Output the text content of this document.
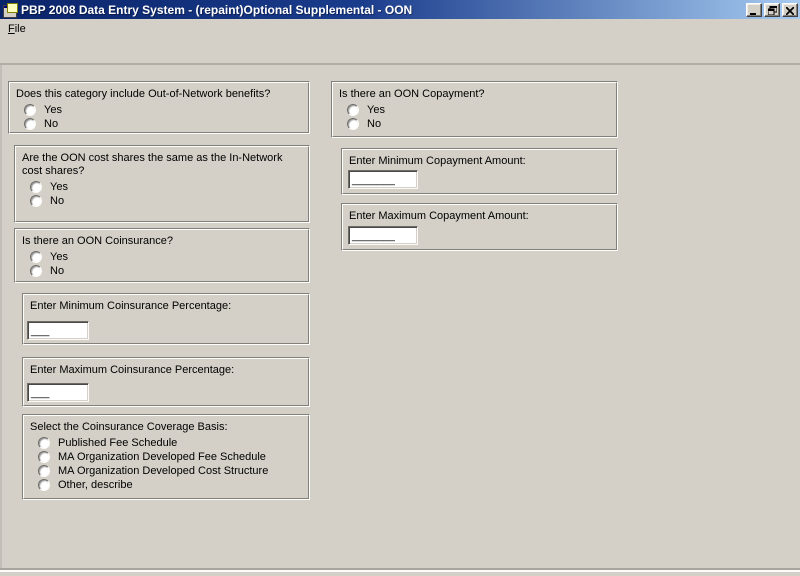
PBP 2008 Data Entry System - (repaint)Optional Supplemental - OON
File
Does this category include Out-of-Network benefits?
Yes
No
Are the OON cost shares the same as the In-Network cost shares?
Yes
No
Is there an OON Coinsurance?
Yes
No
Enter Minimum Coinsurance Percentage:
___
Enter Maximum Coinsurance Percentage:
___
Select the Coinsurance Coverage Basis:
Published Fee Schedule
MA Organization Developed Fee Schedule
MA Organization Developed Cost Structure
Other, describe
Is there an OON Copayment?
Yes
No
Enter Minimum Copayment Amount:
_______
Enter Maximum Copayment Amount:
_______
